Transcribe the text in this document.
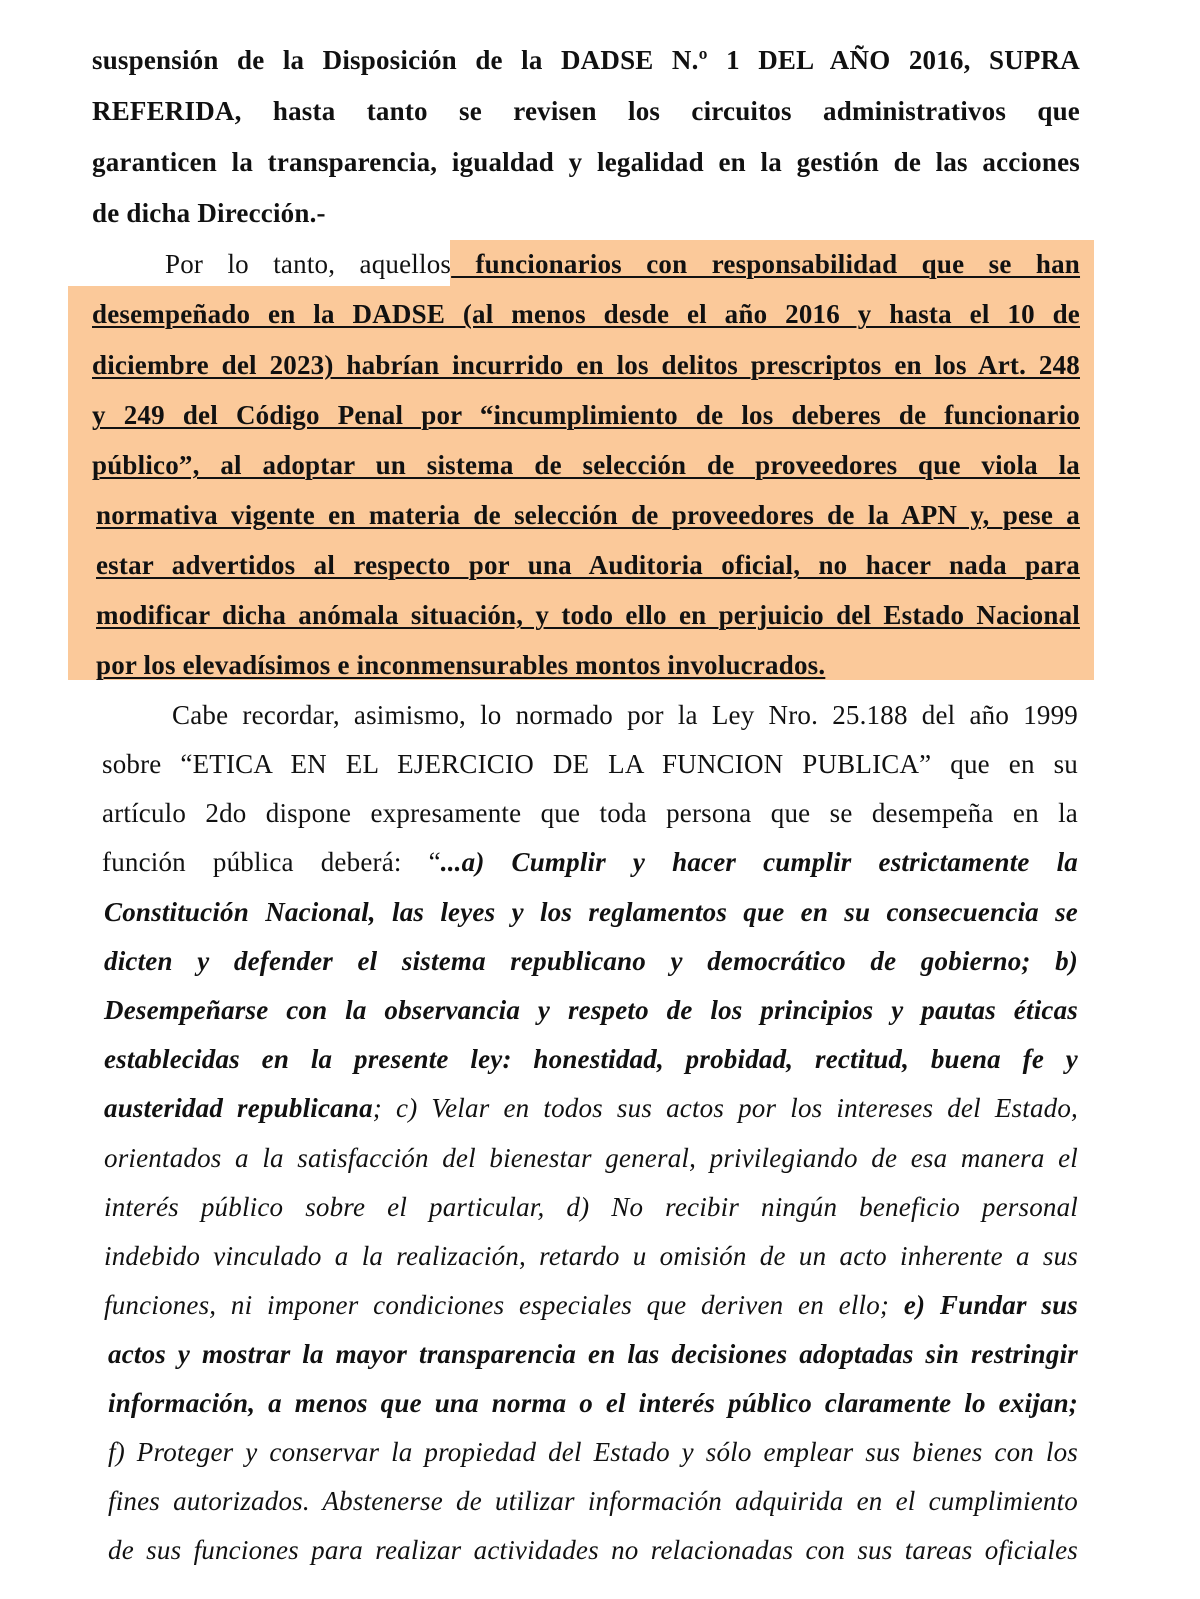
suspensión de la Disposición de la DADSE N.º 1 DEL AÑO 2016, SUPRA
REFERIDA, hasta tanto se revisen los circuitos administrativos que
garanticen la transparencia, igualdad y legalidad en la gestión de las acciones
de dicha Dirección.-
Por lo tanto, aquellos funcionarios con responsabilidad que se han
desempeñado en la DADSE (al menos desde el año 2016 y hasta el 10 de
diciembre del 2023) habrían incurrido en los delitos prescriptos en los Art. 248
y 249 del Código Penal por “incumplimiento de los deberes de funcionario
público”, al adoptar un sistema de selección de proveedores que viola la
normativa vigente en materia de selección de proveedores de la APN y, pese a
estar advertidos al respecto por una Auditoria oficial, no hacer nada para
modificar dicha anómala situación, y todo ello en perjuicio del Estado Nacional
por los elevadísimos e inconmensurables montos involucrados.
Cabe recordar, asimismo, lo normado por la Ley Nro. 25.188 del año 1999
sobre “ETICA EN EL EJERCICIO DE LA FUNCION PUBLICA” que en su
artículo 2do dispone expresamente que toda persona que se desempeña en la
función pública deberá: “...a) Cumplir y hacer cumplir estrictamente la
Constitución Nacional, las leyes y los reglamentos que en su consecuencia se
dicten y defender el sistema republicano y democrático de gobierno; b)
Desempeñarse con la observancia y respeto de los principios y pautas éticas
establecidas en la presente ley: honestidad, probidad, rectitud, buena fe y
austeridad republicana; c) Velar en todos sus actos por los intereses del Estado,
orientados a la satisfacción del bienestar general, privilegiando de esa manera el
interés público sobre el particular, d) No recibir ningún beneficio personal
indebido vinculado a la realización, retardo u omisión de un acto inherente a sus
funciones, ni imponer condiciones especiales que deriven en ello; e) Fundar sus
actos y mostrar la mayor transparencia en las decisiones adoptadas sin restringir
información, a menos que una norma o el interés público claramente lo exijan;
f) Proteger y conservar la propiedad del Estado y sólo emplear sus bienes con los
fines autorizados. Abstenerse de utilizar información adquirida en el cumplimiento
de sus funciones para realizar actividades no relacionadas con sus tareas oficiales
